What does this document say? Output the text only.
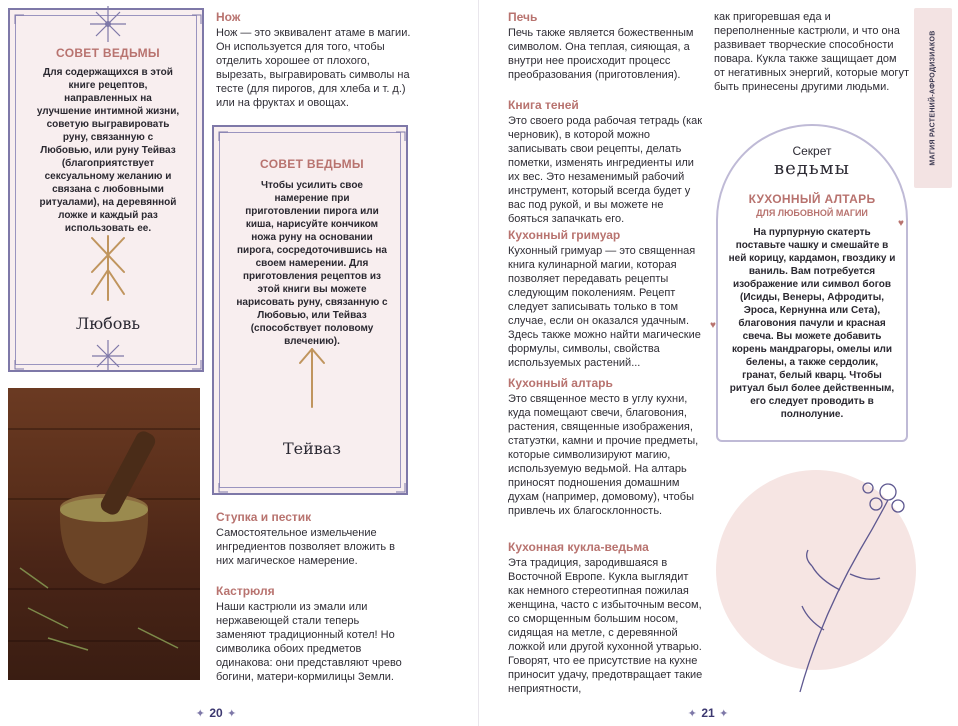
СОВЕТ ВЕДЬМЫ
Для содержащихся в этой книге рецептов, направленных на улучшение интимной жизни, советую выгравировать руну, связанную с Любовью, или руну Тейваз (благоприятствует сексуальному желанию и связана с любовными ритуалами), на деревянной ложке и каждый раз использовать ее.
Любовь
СОВЕТ ВЕДЬМЫ
Чтобы усилить свое намерение при приготовлении пирога или киша, нарисуйте кончиком ножа руну на основании пирога, сосредоточившись на своем намерении. Для приготовления рецептов из этой книги вы можете нарисовать руну, связанную с Любовью, или Тейваз (способствует половому влечению).
Тейваз
Нож
Нож — это эквивалент атаме в магии. Он используется для того, чтобы отделить хорошее от плохого, вырезать, выгравировать символы на тесте (для пирогов, для хлеба и т. д.) или на фруктах и овощах.
Ступка и пестик
Самостоятельное измельчение ингредиентов позволяет вложить в них магическое намерение.
Кастрюля
Наши кастрюли из эмали или нержавеющей стали теперь заменяют традиционный котел! Но символика обоих предметов одинакова: они представляют чрево богини, матери-кормилицы Земли.
✦ 20 ✦
Печь
Печь также является божественным символом. Она теплая, сияющая, а внутри нее происходит процесс преобразования (приготовления).
Книга теней
Это своего рода рабочая тетрадь (как черновик), в которой можно записывать свои рецепты, делать пометки, изменять ингредиенты или их вес. Это незаменимый рабочий инструмент, который всегда будет у вас под рукой, и вы можете не бояться запачкать его.
Кухонный гримуар
Кухонный гримуар — это священная книга кулинарной магии, которая позволяет передавать рецепты следующим поколениям. Рецепт следует записывать только в том случае, если он оказался удачным. Здесь также можно найти магические формулы, символы, свойства используемых растений...
Кухонный алтарь
Это священное место в углу кухни, куда помещают свечи, благовония, растения, священные изображения, статуэтки, камни и прочие предметы, которые символизируют магию, используемую ведьмой. На алтарь приносят подношения домашним духам (например, домовому), чтобы привлечь их благосклонность.
Кухонная кукла-ведьма
Эта традиция, зародившаяся в Восточной Европе. Кукла выглядит как немного стереотипная пожилая женщина, часто с избыточным весом, со сморщенным большим носом, сидящая на метле, с деревянной ложкой или другой кухонной утварью. Говорят, что ее присутствие на кухне приносит удачу, предотвращает такие неприятности,
как пригоревшая еда и переполненные кастрюли, и что она развивает творческие способности повара. Кукла также защищает дом от негативных энергий, которые могут быть принесены другими людьми.	МАГИЯ РАСТЕНИЙ-АФРОДИЗИАКОВ
Секрет
ведьмы
КУХОННЫЙ АЛТАРЬ
ДЛЯ ЛЮБОВНОЙ МАГИИ
На пурпурную скатерть поставьте чашку и смешайте в ней корицу, кардамон, гвоздику и ваниль. Вам потребуется изображение или символ богов (Исиды, Венеры, Афродиты, Эроса, Кернунна или Сета), благовония пачули и красная свеча. Вы можете добавить корень мандрагоры, омелы или белены, а также сердолик, гранат, белый кварц. Чтобы ритуал был более действенным, его следует проводить в полнолуние.
♥
♥
✦ 21 ✦
